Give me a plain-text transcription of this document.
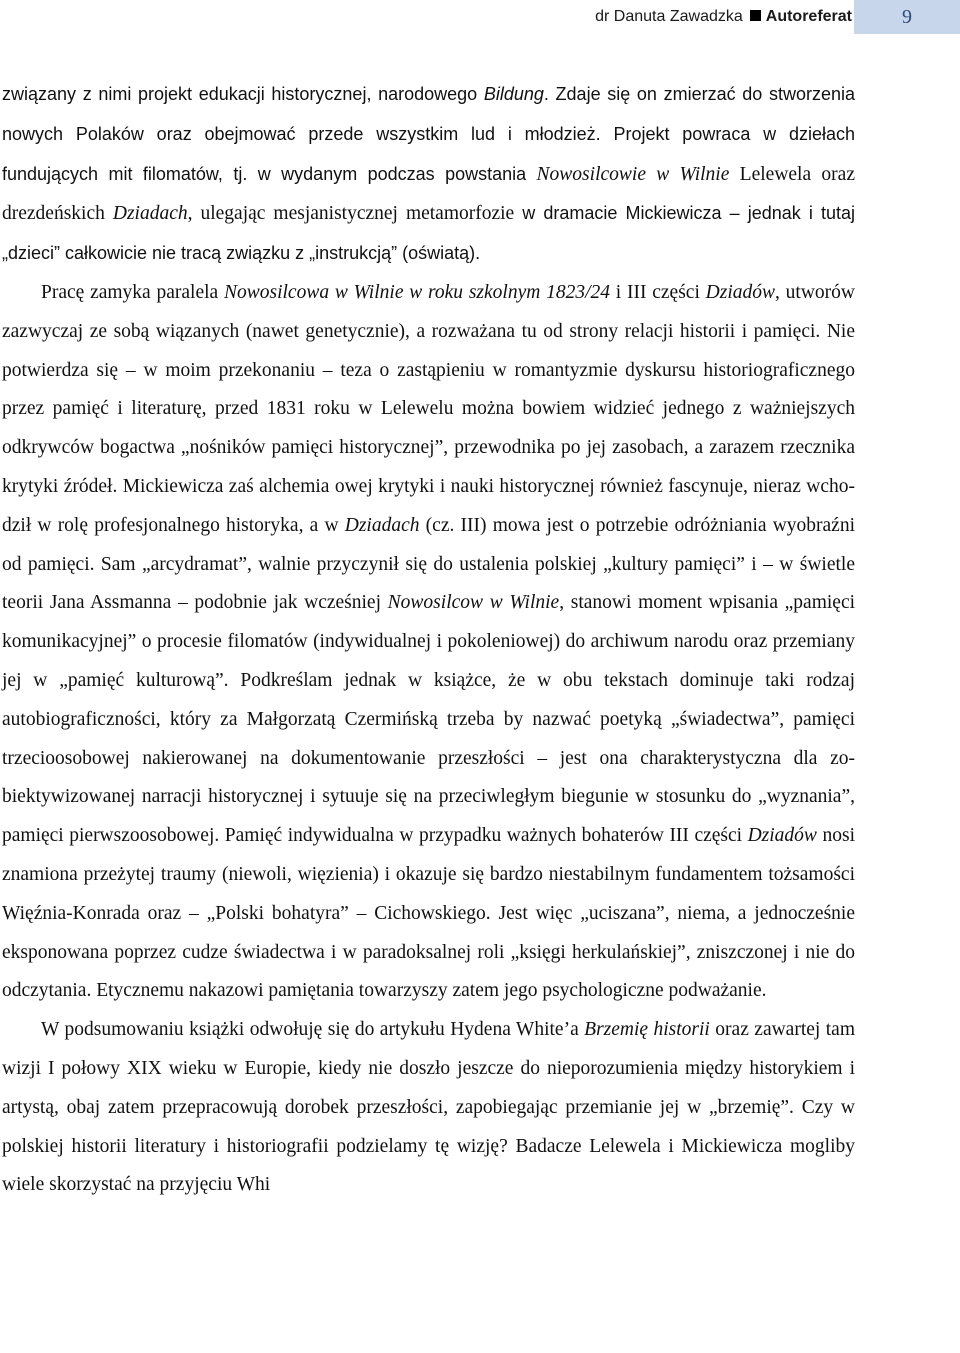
dr Danuta Zawadzka Autoreferat	9

związany z nimi projekt edukacji historycznej, narodowego Bildung. Zdaje się on zmierzać do stworzenia nowych Polaków oraz obejmować przede wszystkim lud i młodzież. Projekt powraca w dziełach fundujących mit filomatów, tj. w wydanym podczas powstania Nowosilcowie w Wilnie Lelewela oraz drezdeńskich Dziadach, ulegając mesjanistycznej metamorfozie w dramacie Mickiewicza – jednak i tutaj „dzieci” całkowicie nie tracą związku z „instrukcją” (oświatą).

Pracę zamyka paralela Nowosilcowa w Wilnie w roku szkolnym 1823/24 i III części Dziadów, utworów zazwyczaj ze sobą wiązanych (nawet genetycznie), a rozważana tu od strony relacji historii i pamięci. Nie potwierdza się – w moim przekonaniu – teza o zastąpieniu w romantyzmie dyskursu historiograficznego przez pamięć i literaturę, przed 1831 roku w Lelewelu można bowiem widzieć jednego z ważniejszych odkrywców bogactwa „nośników pamięci historycznej”, przewodnika po jej zasobach, a zarazem rzecznika krytyki źródeł. Mickiewicza zaś alchemia owej krytyki i nauki historycznej również fascynuje, nieraz wchodził w rolę profesjonalnego historyka, a w Dziadach (cz. III) mowa jest o potrzebie odróżniania wyobraźni od pamięci. Sam „arcydramat”, walnie przyczynił się do ustalenia polskiej „kultury pamięci” i – w świetle teorii Jana Assmanna – podobnie jak wcześniej Nowosilcow w Wilnie, stanowi moment wpisania „pamięci komunikacyjnej” o procesie filomatów (indywidualnej i pokoleniowej) do archiwum narodu oraz przemiany jej w „pamięć kulturową”. Podkreślam jednak w książce, że w obu tekstach dominuje taki rodzaj autobiograficzności, który za Małgorzatą Czermińską trzeba by nazwać poetyką „świadectwa”, pamięci trzecioosobowej nakierowanej na dokumentowanie przeszłości – jest ona charakterystyczna dla zobiektywizowanej narracji historycznej i sytuuje się na przeciwległym biegunie w stosunku do „wyznania”, pamięci pierwszoosobowej. Pamięć indywidualna w przypadku ważnych bohaterów III części Dziadów nosi znamiona przeżytej traumy (niewoli, więzienia) i okazuje się bardzo niestabilnym fundamentem tożsamości Więźnia-Konrada oraz – „Polski bohatyra” – Cichowskiego. Jest więc „uciszana”, niema, a jednocześnie eksponowana poprzez cudze świadectwa i w paradoksalnej roli „księgi herkulańskiej”, zniszczonej i nie do odczytania. Etycznemu nakazowi pamiętania towarzyszy zatem jego psychologiczne podważanie.

W podsumowaniu książki odwołuję się do artykułu Hydena White’a Brzemię historii oraz zawartej tam wizji I połowy XIX wieku w Europie, kiedy nie doszło jeszcze do nieporozumienia między historykiem i artystą, obaj zatem przepracowują dorobek przeszłości, zapobiegając przemianie jej w „brzemię”. Czy w polskiej historii literatury i historiografii podzielamy tę wizję? Badacze Lelewela i Mickiewicza mogliby wiele skorzystać na przyjęciu Whi
